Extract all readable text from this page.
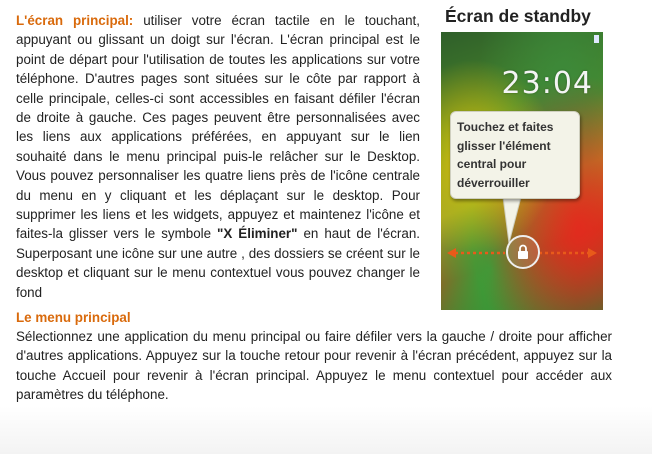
L'écran principal: utiliser votre écran tactile en le touchant, appuyant ou glissant un doigt sur l'écran. L'écran principal est le point de départ pour l'utilisation de toutes les applications sur votre téléphone. D'autres pages sont situées sur le côte par rapport à celle principale, celles-ci sont accessibles en faisant défiler l'écran de droite à gauche. Ces pages peuvent être personnalisées avec les liens aux applications préférées, en appuyant sur le lien souhaité dans le menu principal puis-le relâcher sur le Desktop. Vous pouvez personnaliser les quatre liens près de l'icône centrale du menu en y cliquant et les déplaçant sur le desktop. Pour supprimer les liens et les widgets, appuyez et maintenez l'icône et faites-la glisser vers le symbole "X Éliminer" en haut de l'écran. Superposant une icône sur une autre , des dossiers se créent sur le desktop et cliquant sur le menu contextuel vous pouvez changer le fond

Le menu principal

Sélectionnez une application du menu principal ou faire défiler vers la gauche / droite pour afficher d'autres applications. Appuyez sur la touche retour pour revenir à l'écran précédent, appuyez sur la touche Accueil pour revenir à l'écran principal. Appuyez le menu contextuel pour accéder aux paramètres du téléphone.

Écran de standby
23:04

Touchez et faites glisser l'élément central pour déverrouiller
